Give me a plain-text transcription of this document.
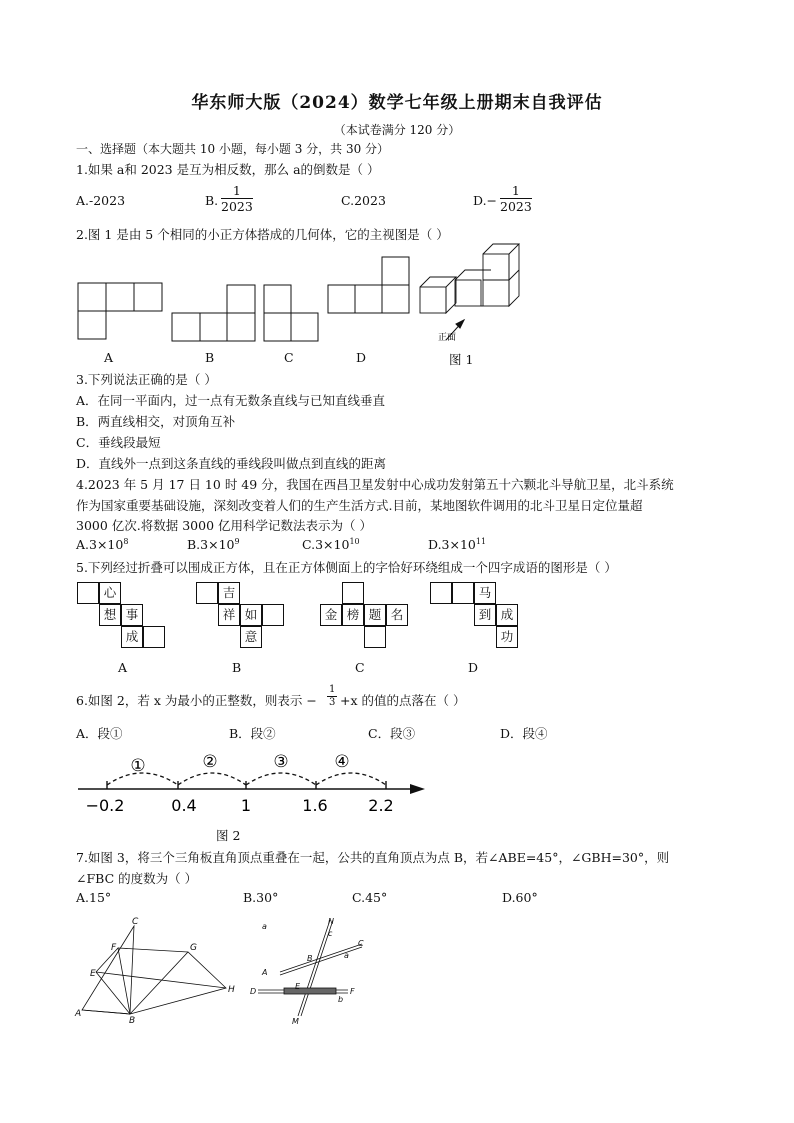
华东师大版（2024）数学七年级上册期末自我评估
（本试卷满分 120 分）
一、选择题（本大题共 10 小题，每小题 3 分，共 30 分）
1.如果 a和 2023 是互为相反数，那么 a的倒数是（ ）
A.-2023	B. $\frac{1}{2023}$	C.2023	$D.- \frac{1}{2023}$
2.图 1 是由 5 个相同的小正方体搭成的几何体，它的主视图是（ ）
正面
A	B	C	D	图 1
3.下列说法正确的是（ ）
A．在同一平面内，过一点有无数条直线与已知直线垂直
B．两直线相交，对顶角互补
C．垂线段最短
D．直线外一点到这条直线的垂线段叫做点到直线的距离
4.2023 年 5 月 17 日 10 时 49 分，我国在西昌卫星发射中心成功发射第五十六颗北斗导航卫星，北斗系统
作为国家重要基础设施，深刻改变着人们的生产生活方式.目前，某地图软件调用的北斗卫星日定位量超
3000 亿次.将数据 3000 亿用科学记数法表示为（ ）
$A.3\times 10^8$	$B.3\times 10^9$	$C.3\times 10^{10}$	$D.3\times 10^{11}$
5.下列经过折叠可以围成正方体，且在正方体侧面上的字恰好环绕组成一个四字成语的图形是（ ）
心
想 事
成
吉
祥 如
意
金 榜 题 名
马
到 成
功
A	B	C	D
6.如图 2，若 x 为最小的正整数，则表示 − $\frac{1}{3} +x$ 的值的点落在（ ）
A．段①	B．段②	C．段③	D．段④
①	②	③	④
−0.2	0.4	1	1.6	2.2
图 2
7.如图 3，将三个三角板直角顶点重叠在一起，公共的直角顶点为点 B，若∠ABE=45°，∠GBH=30°，则
∠FBC 的度数为（ ）
A.15°	B.30°	C.45°	D.60°
C
F	G
E
H
A
B
a
N
c
C
a
B
A
D
E
b
F
M
